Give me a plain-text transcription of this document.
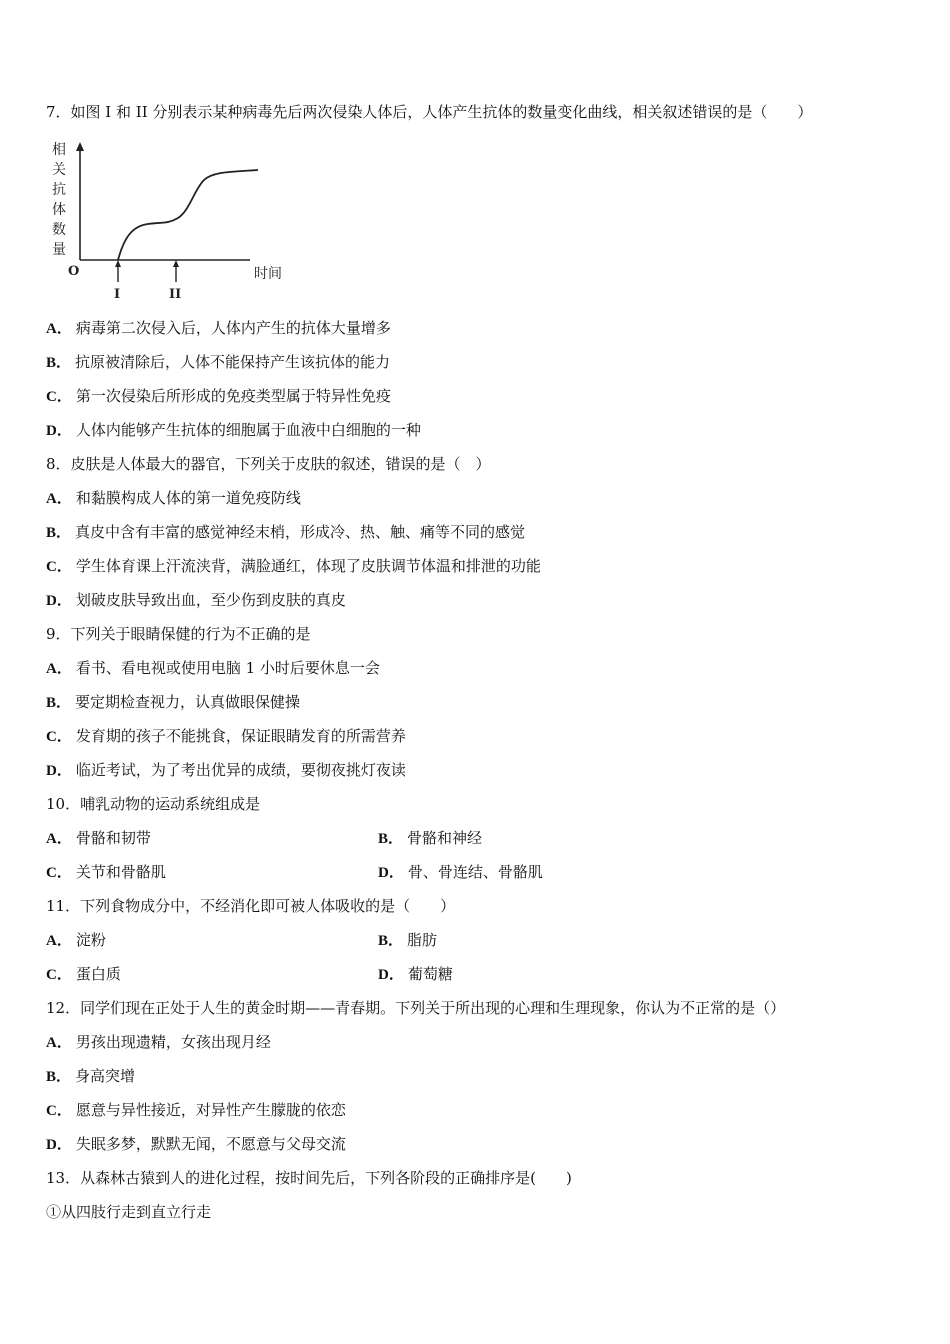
7．如图 I 和 II 分别表示某种病毒先后两次侵染人体后，人体产生抗体的数量变化曲线，相关叙述错误的是（　　）
相
关
抗
体
数
量
O	时间
I	II
A． 病毒第二次侵入后，人体内产生的抗体大量增多
B． 抗原被清除后，人体不能保持产生该抗体的能力
C． 第一次侵染后所形成的免疫类型属于特异性免疫
D． 人体内能够产生抗体的细胞属于血液中白细胞的一种
8．皮肤是人体最大的器官，下列关于皮肤的叙述，错误的是（　）
A． 和黏膜构成人体的第一道免疫防线
B． 真皮中含有丰富的感觉神经末梢，形成冷、热、触、痛等不同的感觉
C． 学生体育课上汗流浃背，满脸通红，体现了皮肤调节体温和排泄的功能
D． 划破皮肤导致出血，至少伤到皮肤的真皮
9．下列关于眼睛保健的行为不正确的是
A． 看书、看电视或使用电脑 1 小时后要休息一会
B． 要定期检查视力，认真做眼保健操
C． 发育期的孩子不能挑食，保证眼睛发育的所需营养
D． 临近考试，为了考出优异的成绩，要彻夜挑灯夜读
10．哺乳动物的运动系统组成是
A． 骨骼和韧带	B． 骨骼和神经
C． 关节和骨骼肌	D． 骨、骨连结、骨骼肌
11．下列食物成分中，不经消化即可被人体吸收的是（　　）
A． 淀粉	B． 脂肪
C． 蛋白质	D． 葡萄糖
12．同学们现在正处于人生的黄金时期——青春期。下列关于所出现的心理和生理现象，你认为不正常的是（）
A． 男孩出现遗精，女孩出现月经
B． 身高突增
C． 愿意与异性接近，对异性产生朦胧的依恋
D． 失眠多梦，默默无闻，不愿意与父母交流
13．从森林古猿到人的进化过程，按时间先后，下列各阶段的正确排序是(　　)
①从四肢行走到直立行走
